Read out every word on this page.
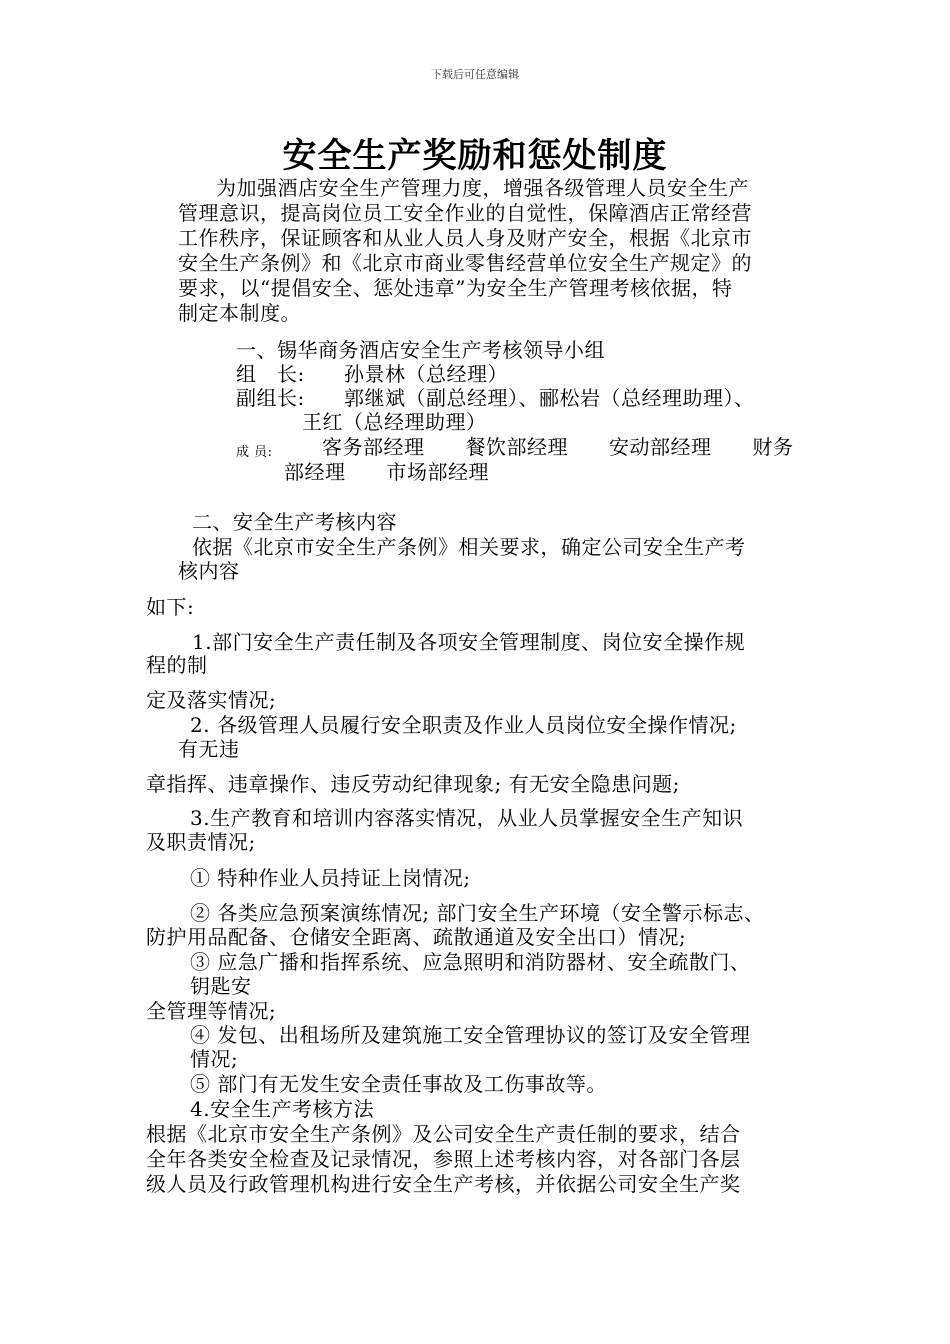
下载后可任意编辑
安全生产奖励和惩处制度
为加强酒店安全生产管理力度，增强各级管理人员安全生产
管理意识，提高岗位员工安全作业的自觉性，保障酒店正常经营
工作秩序，保证顾客和从业人员人身及财产安全，根据《北京市
安全生产条例》和《北京市商业零售经营单位安全生产规定》的
要求，以“提倡安全、惩处违章”为安全生产管理考核依据，特
制定本制度。
一、锡华商务酒店安全生产考核领导小组
组　长: 孙景林（总经理）
副组长: 郭继斌（副总经理）、郦松岩（总经理助理）、
王红（总经理助理）
成 员: 客务部经理　　餐饮部经理　　安动部经理　　财务
部经理　　市场部经理
二、安全生产考核内容
依据《北京市安全生产条例》相关要求，确定公司安全生产考
核内容
如下:
1.部门安全生产责任制及各项安全管理制度、岗位安全操作规
程的制
定及落实情况;
2. 各级管理人员履行安全职责及作业人员岗位安全操作情况;
有无违
章指挥、违章操作、违反劳动纪律现象; 有无安全隐患问题;
3.生产教育和培训内容落实情况，从业人员掌握安全生产知识
及职责情况;
① 特种作业人员持证上岗情况;
② 各类应急预案演练情况; 部门安全生产环境（安全警示标志、
防护用品配备、仓储安全距离、疏散通道及安全出口）情况;
③ 应急广播和指挥系统、应急照明和消防器材、安全疏散门、
钥匙安
全管理等情况;
④ 发包、出租场所及建筑施工安全管理协议的签订及安全管理
情况;
⑤ 部门有无发生安全责任事故及工伤事故等。
4.安全生产考核方法
根据《北京市安全生产条例》及公司安全生产责任制的要求，结合
全年各类安全检查及记录情况，参照上述考核内容，对各部门各层
级人员及行政管理机构进行安全生产考核，并依据公司安全生产奖
